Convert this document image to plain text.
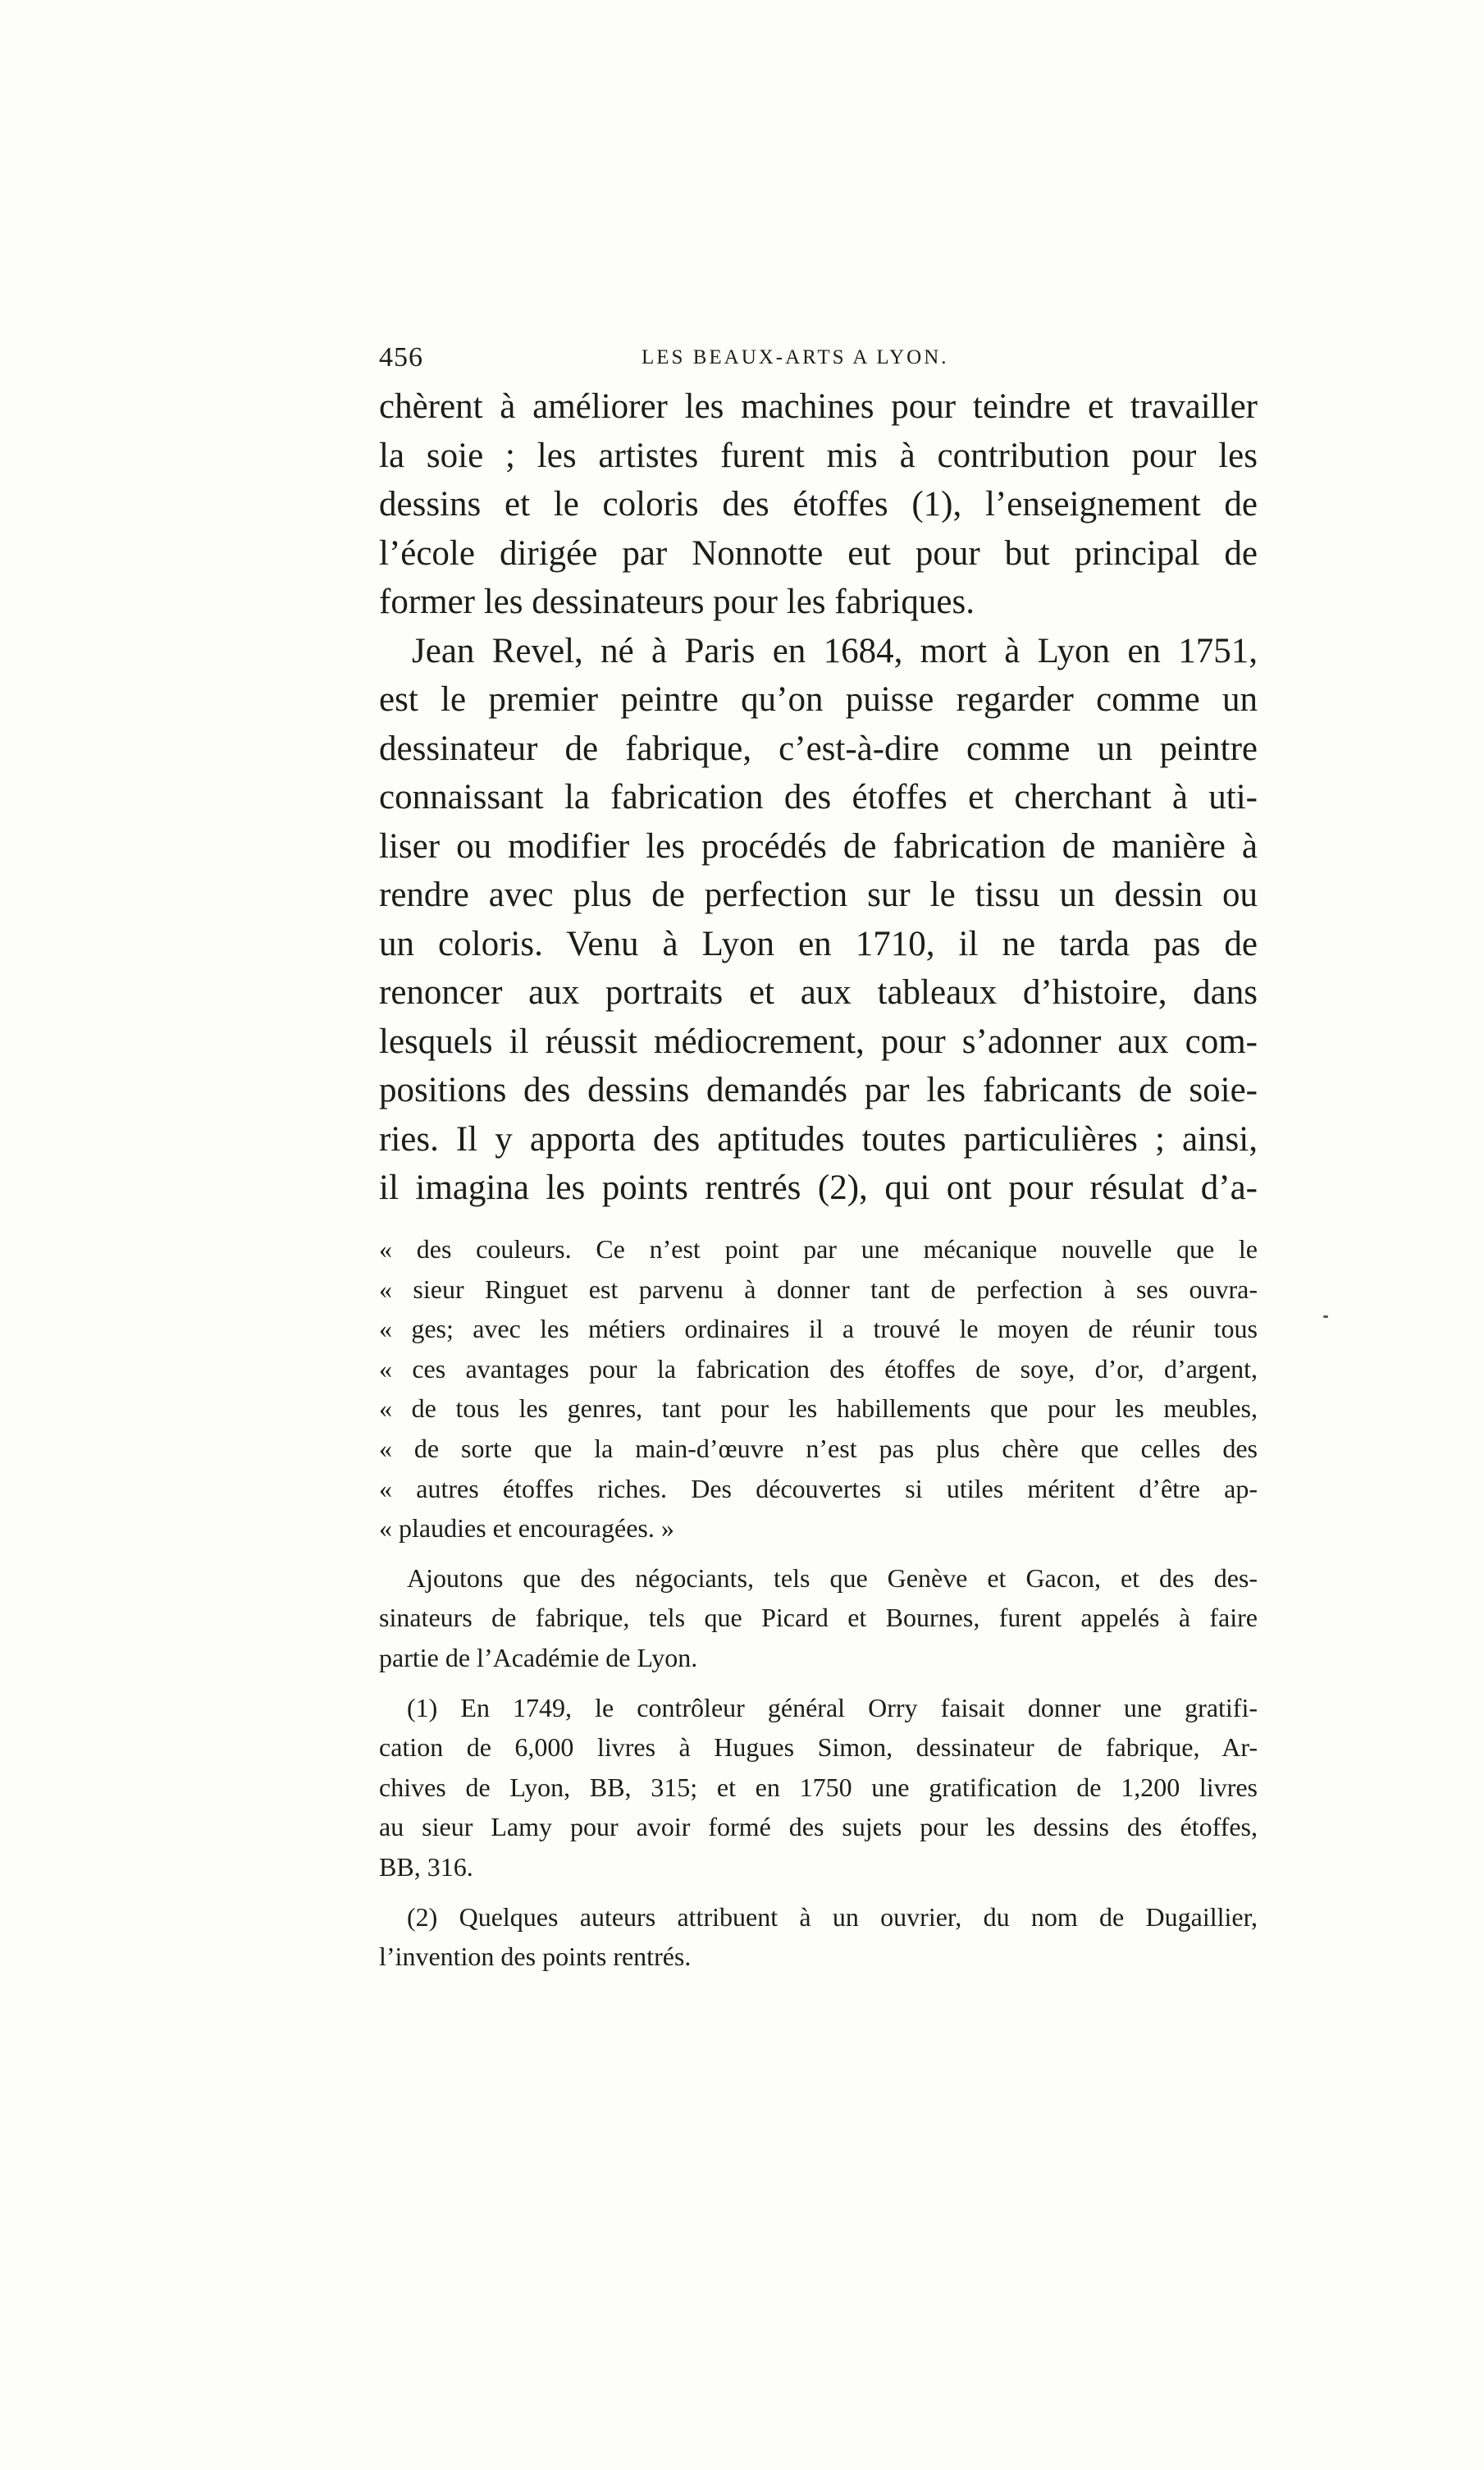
456	LES BEAUX-ARTS A LYON.
chèrent à améliorer les machines pour teindre et travailler
la soie ; les artistes furent mis à contribution pour les
dessins et le coloris des étoffes (1), l’enseignement de
l’école dirigée par Nonnotte eut pour but principal de
former les dessinateurs pour les fabriques.
Jean Revel, né à Paris en 1684, mort à Lyon en 1751,
est le premier peintre qu’on puisse regarder comme un
dessinateur de fabrique, c’est-à-dire comme un peintre
connaissant la fabrication des étoffes et cherchant à uti-
liser ou modifier les procédés de fabrication de manière à
rendre avec plus de perfection sur le tissu un dessin ou
un coloris. Venu à Lyon en 1710, il ne tarda pas de
renoncer aux portraits et aux tableaux d’histoire, dans
lesquels il réussit médiocrement, pour s’adonner aux com-
positions des dessins demandés par les fabricants de soie-
ries. Il y apporta des aptitudes toutes particulières ; ainsi,
il imagina les points rentrés (2), qui ont pour résulat d’a-
« des couleurs. Ce n’est point par une mécanique nouvelle que le
« sieur Ringuet est parvenu à donner tant de perfection à ses ouvra-
« ges; avec les métiers ordinaires il a trouvé le moyen de réunir tous
« ces avantages pour la fabrication des étoffes de soye, d’or, d’argent,
« de tous les genres, tant pour les habillements que pour les meubles,
« de sorte que la main-d’œuvre n’est pas plus chère que celles des
« autres étoffes riches. Des découvertes si utiles méritent d’être ap-
« plaudies et encouragées. »
Ajoutons que des négociants, tels que Genève et Gacon, et des des-
sinateurs de fabrique, tels que Picard et Bournes, furent appelés à faire
partie de l’Académie de Lyon.
(1) En 1749, le contrôleur général Orry faisait donner une gratifi-
cation de 6,000 livres à Hugues Simon, dessinateur de fabrique, Ar-
chives de Lyon, BB, 315; et en 1750 une gratification de 1,200 livres
au sieur Lamy pour avoir formé des sujets pour les dessins des étoffes,
BB, 316.
(2) Quelques auteurs attribuent à un ouvrier, du nom de Dugaillier,
l’invention des points rentrés.
